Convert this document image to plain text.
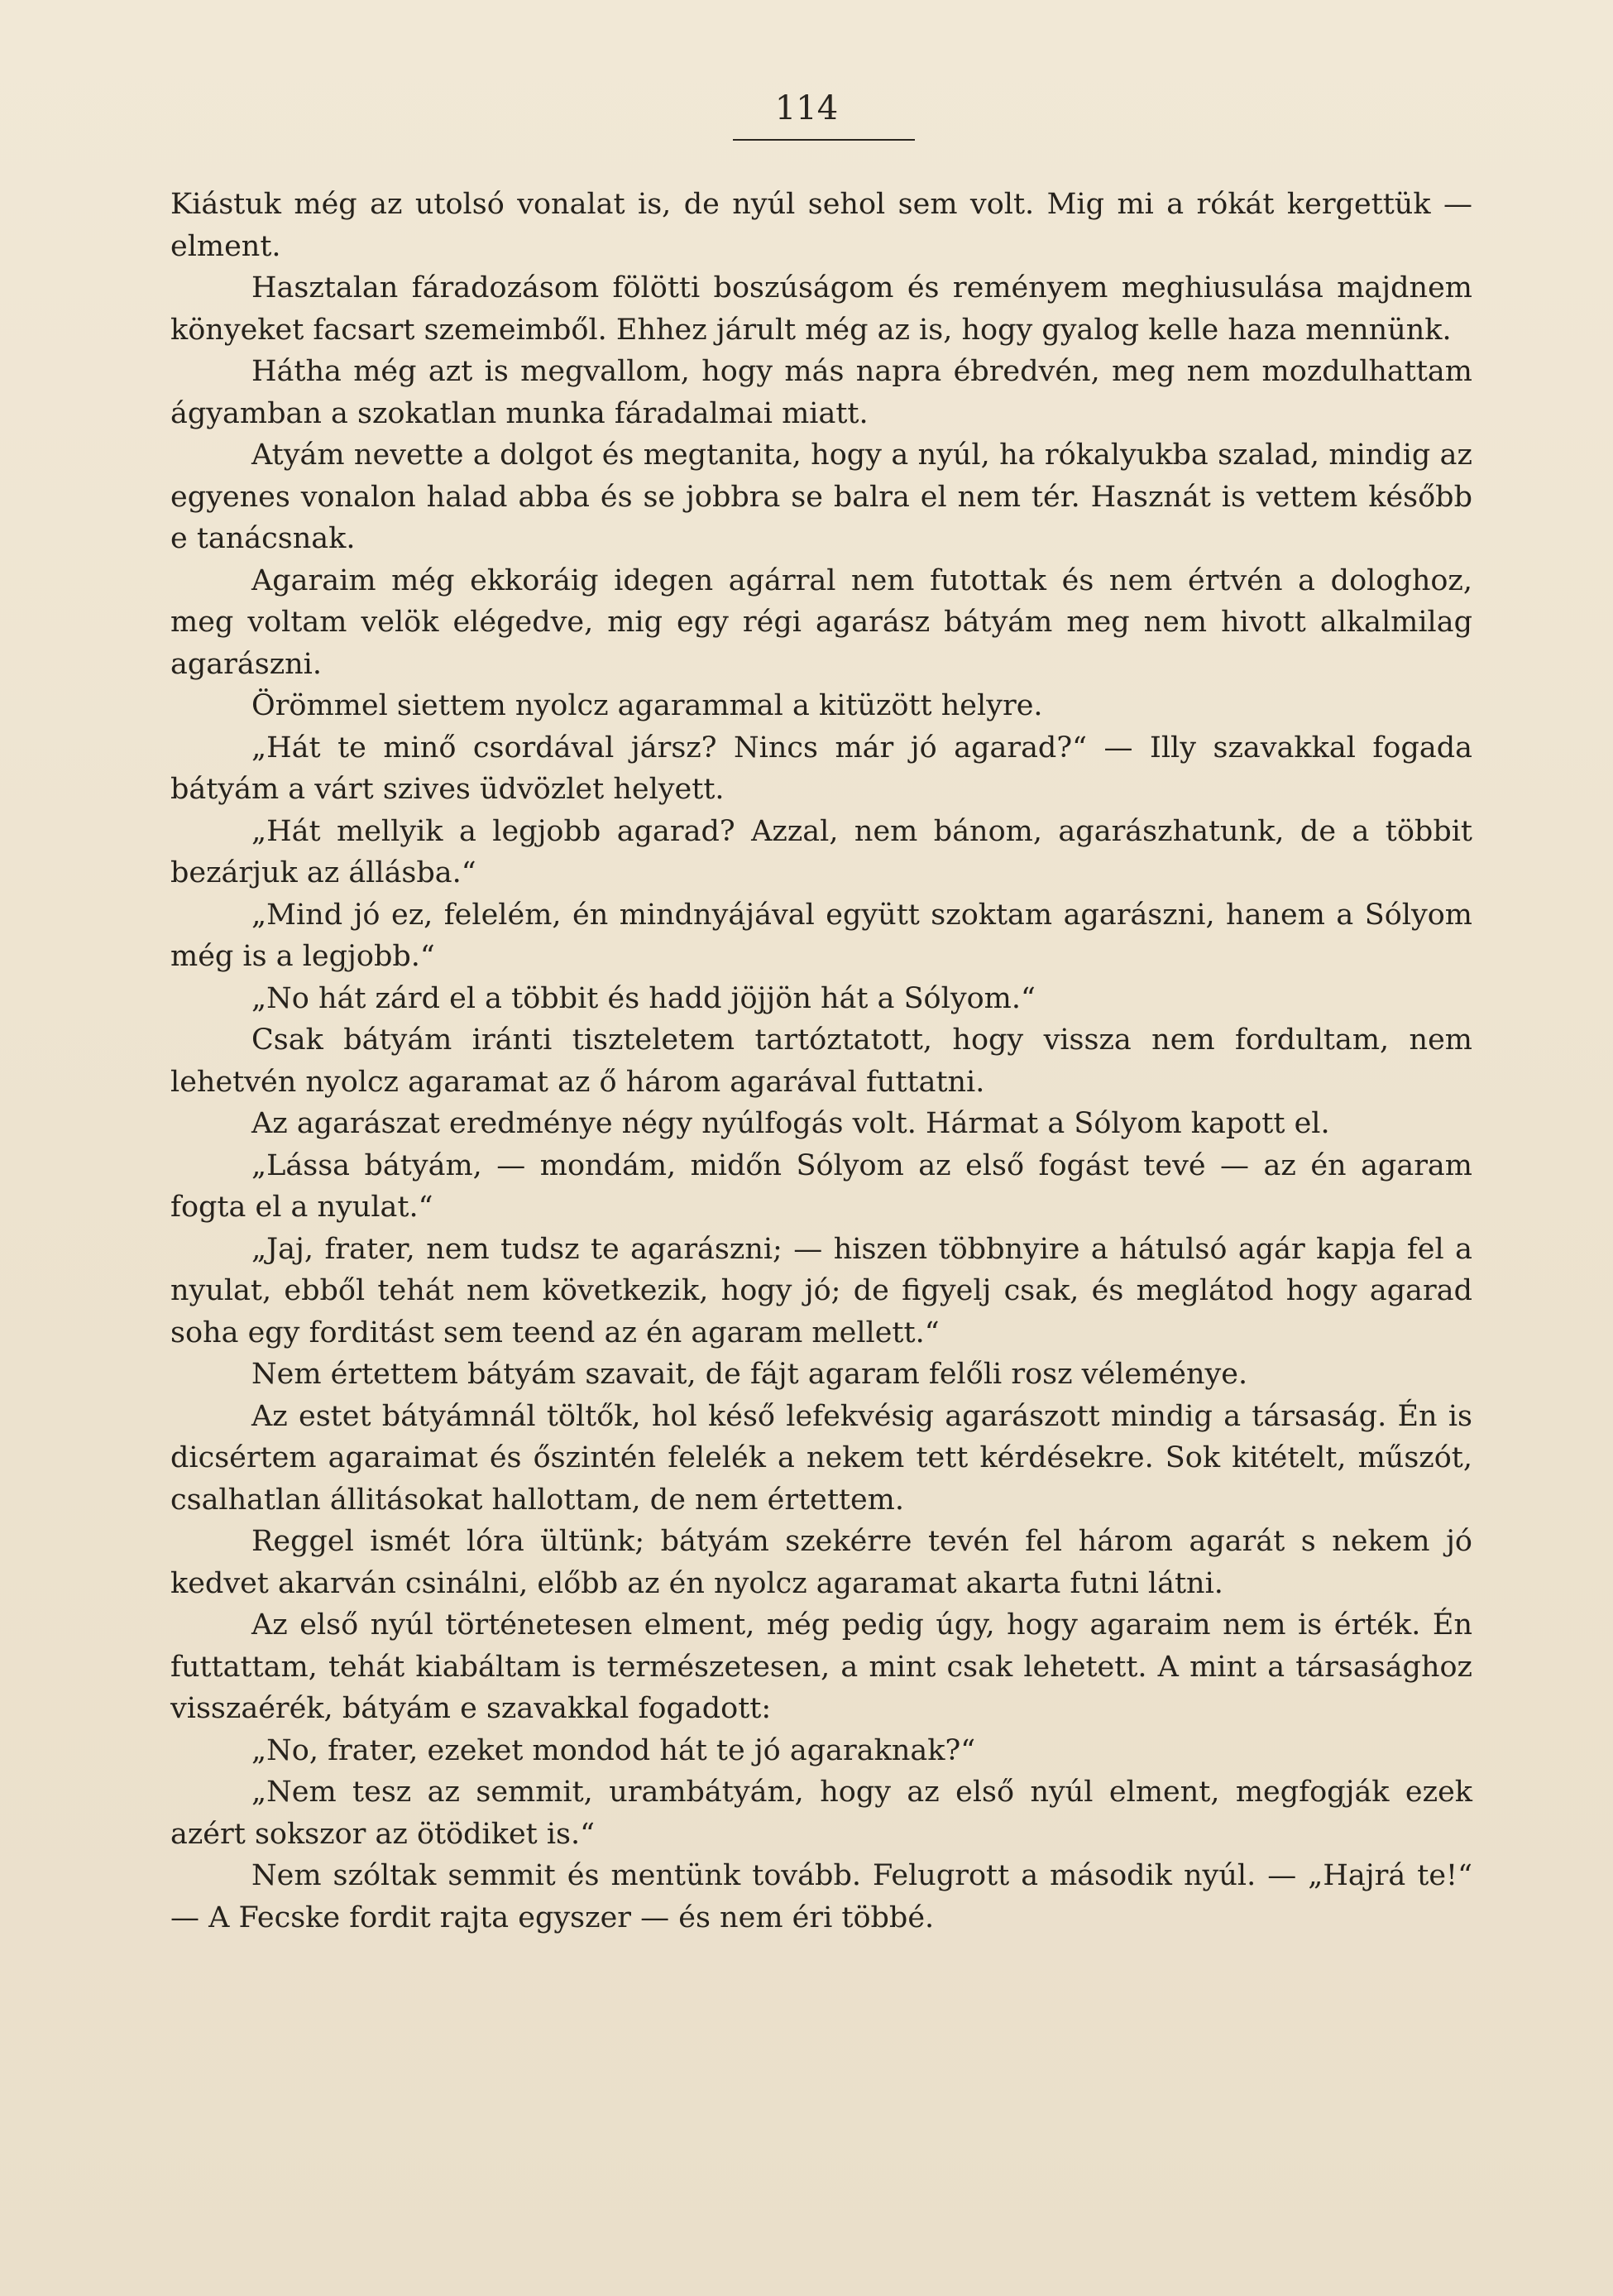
114

Kiástuk még az utolsó vonalat is, de nyúl sehol sem volt. Mig mi a rókát kergettük — elment.

Hasztalan fáradozásom fölötti boszúságom és reményem meghiusulása majdnem könyeket facsart szemeimből. Ehhez járult még az is, hogy gyalog kelle haza mennünk.

Hátha még azt is megvallom, hogy más napra ébredvén, meg nem mozdulhattam ágyamban a szokatlan munka fáradalmai miatt.

Atyám nevette a dolgot és megtanita, hogy a nyúl, ha rókalyukba szalad, mindig az egyenes vonalon halad abba és se jobbra se balra el nem tér. Hasznát is vettem később e tanácsnak.

Agaraim még ekkoráig idegen agárral nem futottak és nem értvén a dologhoz, meg voltam velök elégedve, mig egy régi agarász bátyám meg nem hivott alkalmilag agarászni.

Örömmel siettem nyolcz agarammal a kitüzött helyre.

„Hát te minő csordával jársz? Nincs már jó agarad?“ — Illy szavakkal fogada bátyám a várt szives üdvözlet helyett.

„Hát mellyik a legjobb agarad? Azzal, nem bánom, agarászhatunk, de a többit bezárjuk az állásba.“

„Mind jó ez, felelém, én mindnyájával együtt szoktam agarászni, hanem a Sólyom még is a legjobb.“

„No hát zárd el a többit és hadd jöjjön hát a Sólyom.“

Csak bátyám iránti tiszteletem tartóztatott, hogy vissza nem fordultam, nem lehetvén nyolcz agaramat az ő három agarával futtatni.

Az agarászat eredménye négy nyúlfogás volt. Hármat a Sólyom kapott el.

„Lássa bátyám, — mondám, midőn Sólyom az első fogást tevé — az én agaram fogta el a nyulat.“

„Jaj, frater, nem tudsz te agarászni; — hiszen többnyire a hátulsó agár kapja fel a nyulat, ebből tehát nem következik, hogy jó; de figyelj csak, és meglátod hogy agarad soha egy forditást sem teend az én agaram mellett.“

Nem értettem bátyám szavait, de fájt agaram felőli rosz véleménye.

Az estet bátyámnál töltők, hol késő lefekvésig agarászott mindig a társaság. Én is dicsértem agaraimat és őszintén felelék a nekem tett kérdésekre. Sok kitételt, műszót, csalhatlan állitásokat hallottam, de nem értettem.

Reggel ismét lóra ültünk; bátyám szekérre tevén fel három agarát s nekem jó kedvet akarván csinálni, előbb az én nyolcz agaramat akarta futni látni.

Az első nyúl történetesen elment, még pedig úgy, hogy agaraim nem is érték. Én futtattam, tehát kiabáltam is természetesen, a mint csak lehetett. A mint a társasághoz visszaérék, bátyám e szavakkal fogadott:

„No, frater, ezeket mondod hát te jó agaraknak?“

„Nem tesz az semmit, urambátyám, hogy az első nyúl elment, megfogják ezek azért sokszor az ötödiket is.“

Nem szóltak semmit és mentünk tovább. Felugrott a második nyúl. — „Hajrá te!“ — A Fecske fordit rajta egyszer — és nem éri többé.
